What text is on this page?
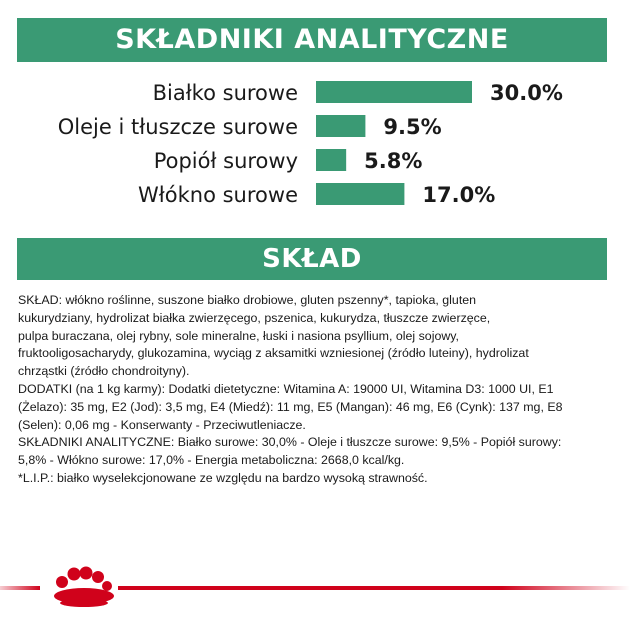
SKŁADNIKI ANALITYCZNE
Białko surowe	30.0%
Oleje i tłuszcze surowe	9.5%
Popiół surowy	5.8%
Włókno surowe	17.0%
SKŁAD

SKŁAD: włókno roślinne, suszone białko drobiowe, gluten pszenny*, tapioka, gluten

kukurydziany, hydrolizat białka zwierzęcego, pszenica, kukurydza, tłuszcze zwierzęce,

pulpa buraczana, olej rybny, sole mineralne, łuski i nasiona psyllium, olej sojowy,

fruktooligosacharydy, glukozamina, wyciąg z aksamitki wzniesionej (źródło luteiny), hydrolizat

chrząstki (źródło chondroityny).

DODATKI (na 1 kg karmy): Dodatki dietetyczne: Witamina A: 19000 UI, Witamina D3: 1000 UI, E1

(Żelazo): 35 mg, E2 (Jod): 3,5 mg, E4 (Miedź): 11 mg, E5 (Mangan): 46 mg, E6 (Cynk): 137 mg, E8

(Selen): 0,06 mg - Konserwanty - Przeciwutleniacze.

SKŁADNIKI ANALITYCZNE: Białko surowe: 30,0% - Oleje i tłuszcze surowe: 9,5% - Popiół surowy:

5,8% - Włókno surowe: 17,0% - Energia metaboliczna: 2668,0 kcal/kg.

*L.I.P.: białko wyselekcjonowane ze względu na bardzo wysoką strawność.
